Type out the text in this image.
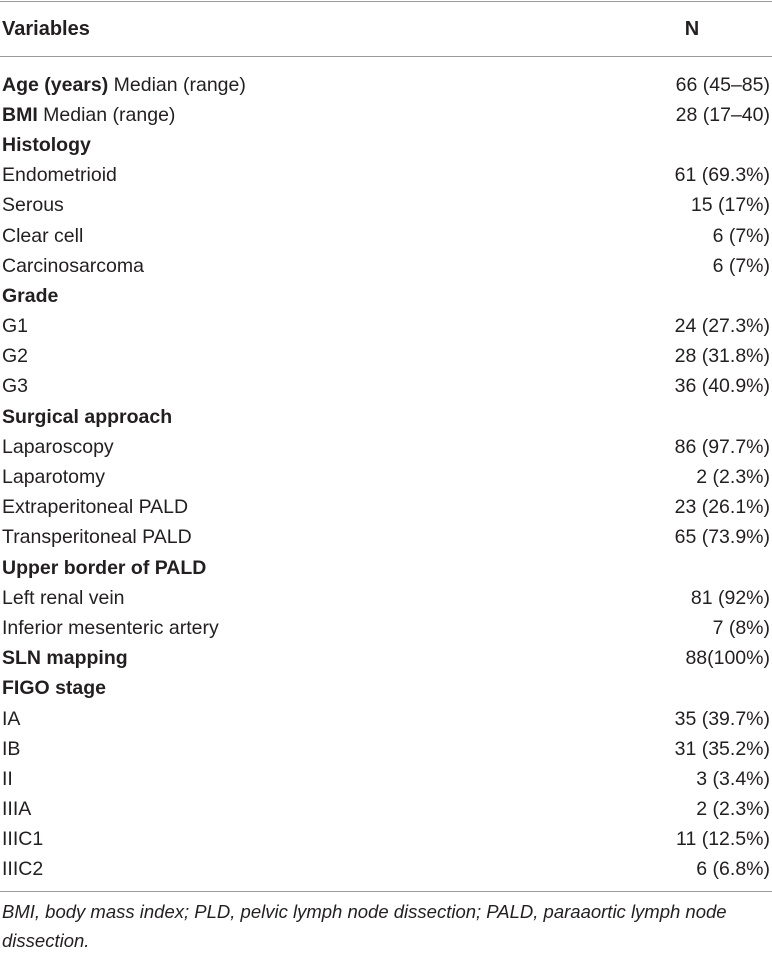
Variables	N
Age (years) Median (range)	66 (45–85)
BMI Median (range)	28 (17–40)
Histology
Endometrioid	61 (69.3%)
Serous	15 (17%)
Clear cell	6 (7%)
Carcinosarcoma	6 (7%)
Grade
G1	24 (27.3%)
G2	28 (31.8%)
G3	36 (40.9%)
Surgical approach
Laparoscopy	86 (97.7%)
Laparotomy	2 (2.3%)
Extraperitoneal PALD	23 (26.1%)
Transperitoneal PALD	65 (73.9%)
Upper border of PALD
Left renal vein	81 (92%)
Inferior mesenteric artery	7 (8%)
SLN mapping	88(100%)
FIGO stage
IA	35 (39.7%)
IB	31 (35.2%)
II	3 (3.4%)
IIIA	2 (2.3%)
IIIC1	11 (12.5%)
IIIC2	6 (6.8%)
BMI, body mass index; PLD, pelvic lymph node dissection; PALD, paraaortic lymph node dissection.
